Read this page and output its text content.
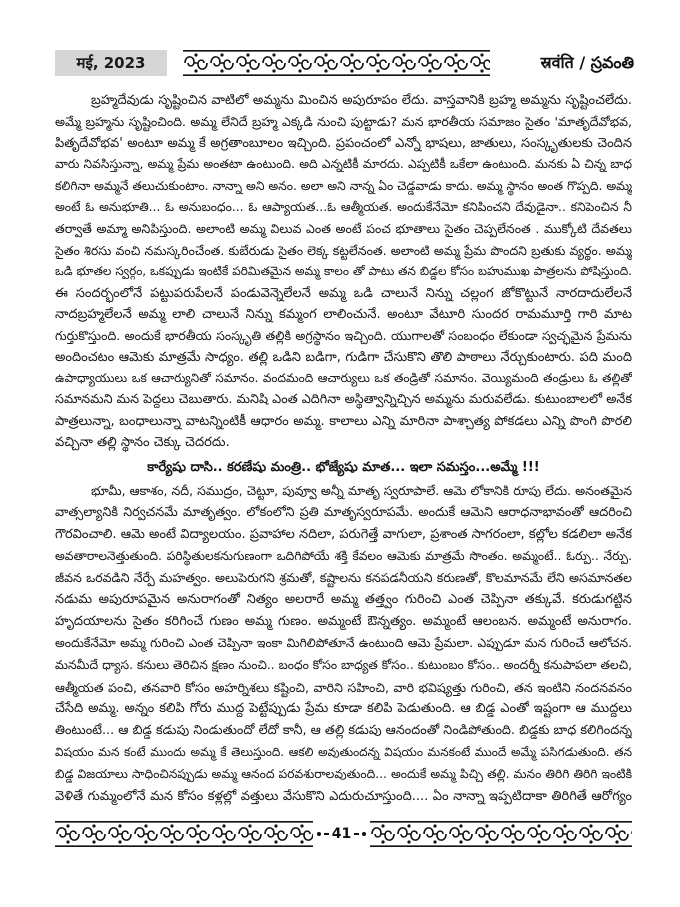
मई, 2023	स्रवंति / స్రవంతి
బ్రహ్మదేవుడు సృష్టించిన వాటిలో అమ్మను మించిన అపురూపం లేదు. వాస్తవానికి బ్రహ్మ అమ్మను సృష్టించలేదు.
అమ్మే బ్రహ్మను సృష్టించింది. అమ్మ లేనిదే బ్రహ్మ ఎక్కడి నుంచి పుట్టాడు? మన భారతీయ సమాజం సైతం 'మాతృదేవోభవ,
పితృదేవోభవ' అంటూ అమ్మ కే అగ్రతాంబూలం ఇచ్చింది. ప్రపంచంలో ఎన్నో భాషలు, జాతులు, సంస్కృతులకు చెందిన
వారు నివసిస్తున్నా, అమ్మ ప్రేమ అంతటా ఉంటుంది. అది ఎన్నటికీ మారదు. ఎప్పటికీ ఒకేలా ఉంటుంది. మనకు ఏ చిన్న బాధ
కలిగినా అమ్మనే తలుచుకుంటాం. నాన్నా అని అనం. అలా అని నాన్న ఏం చెడ్డవాడు కాదు. అమ్మ స్థానం అంత గొప్పది. అమ్మ
అంటే ఓ అనుభూతి... ఓ అనుబంధం... ఓ ఆప్యాయత...ఓ ఆత్మీయత. అందుకేనేమో కనిపించని దేవుడైనా.. కనిపెంచిన నీ
తర్వాతే అమ్మా అనిపిస్తుంది. అలాంటి అమ్మ విలువ ఎంత అంటే పంచ భూతాలు సైతం చెప్పలేనంత . ముక్కోటి దేవతలు
సైతం శిరసు వంచి నమస్కరించేంత. కుబేరుడు సైతం లెక్క కట్టలేనంత. అలాంటి అమ్మ ప్రేమ పొందని బ్రతుకు వ్యర్థం. అమ్మ
ఒడి భూతల స్వర్గం, ఒకప్పుడు ఇంటికే పరిమితమైన అమ్మ కాలం తో పాటు తన బిడ్డల కోసం బహుముఖ పాత్రలను పోషిస్తుంది.
ఈ సందర్భంలోనే పట్టుపరుపేలనే పండువెన్నెలేలనే అమ్మ ఒడి చాలునే నిన్ను చల్లంగ జోకొట్టునే నారదాదులేలనే
నాదబ్రహ్మలేలనే అమ్మ లాలి చాలునే నిన్ను కమ్మంగ లాలించునే. అంటూ వేటూరి సుందర రామమూర్తి గారి మాట
గుర్తుకొస్తుంది. అందుకే భారతీయ సంస్కృతి తల్లికి అగ్రస్థానం ఇచ్చింది. యుగాలతో సంబంధం లేకుండా స్వచ్ఛమైన ప్రేమను
అందించటం ఆమెకు మాత్రమే సాధ్యం. తల్లి ఒడిని బడిగా, గుడిగా చేసుకొని తొలి పాఠాలు నేర్చుకుంటారు. పది మంది
ఉపాధ్యాయులు ఒక ఆచార్యునితో సమానం. వందమంది ఆచార్యులు ఒక తండ్రితో సమానం. వెయ్యిమంది తండ్రులు ఓ తల్లితో
సమానమని మన పెద్దలు చెబుతారు. మనిషి ఎంత ఎదిగినా అస్థిత్వాన్నిచ్చిన అమ్మను మరువలేడు. కుటుంబాలలో అనేక
పాత్రలున్నా, బంధాలున్నా వాటన్నింటికీ ఆధారం అమ్మ. కాలాలు ఎన్ని మారినా పాశ్చాత్య పోకడలు ఎన్ని పొంగి పొరలి
వచ్చినా తల్లి స్థానం చెక్కు చెదరదు.
కార్యేషు దాసి.. కరణేషు మంత్రి.. భోజ్యేషు మాత... ఇలా సమస్తం...అమ్మే !!!
భూమీ, ఆకాశం, నదీ, సముద్రం, చెట్టూ, పువ్వూ అన్నీ మాతృ స్వరూపాలే. ఆమె లోకానికి రూపు లేదు. అనంతమైన
వాత్సల్యానికి నిర్వచనమే మాతృత్వం. లోకంలోని ప్రతి మాతృస్వరూపమే. అందుకే ఆమెని ఆరాధనాభావంతో ఆదరించి
గౌరవించాలి. ఆమె అంటే విద్యాలయం. ప్రవాహాల నదిలా, పరుగెత్తే వాగులా, ప్రశాంత సాగరంలా, కల్లోల కడలిలా అనేక
అవతారాలనెత్తుతుంది. పరిస్థితులకనుగుణంగా ఒదిగిపోయే శక్తి కేవలం ఆమెకు మాత్రమే సొంతం. అమ్మంటే.. ఓర్పు.. నేర్పు.
జీవన ఒరవడిని నేర్పే మహత్వం. అలుపెరుగని శ్రమతో, కష్టాలను కనపడనీయని కరుణతో, కొలమానమే లేని అసమానతల
నడుమ అపురూపమైన అనురాగంతో నిత్యం అలరారే అమ్మ తత్త్వం గురించి ఎంత చెప్పినా తక్కువే. కరుడుగట్టిన
హృదయాలను సైతం కరిగించే గుణం అమ్మ గుణం. అమ్మంటే ఔన్నత్యం. అమ్మంటే ఆలంబన. అమ్మంటే అనురాగం.
అందుకేనేమో అమ్మ గురించి ఎంత చెప్పినా ఇంకా మిగిలిపోతూనే ఉంటుంది ఆమె ప్రేమలా. ఎప్పుడూ మన గురించే ఆలోచన.
మనమీదే ధ్యాస. కనులు తెరిచిన క్షణం నుంచి.. బంధం కోసం బాధ్యత కోసం.. కుటుంబం కోసం.. అందర్నీ కనుపాపలా తలచి,
ఆత్మీయత పంచి, తనవారి కోసం అహర్నిశలు కష్టించి, వారిని సహించి, వారి భవిష్యత్తు గురించి, తన ఇంటిని నందనవనం
చేసేది అమ్మ. అన్నం కలిపి గోరు ముద్ద పెట్టేప్పుడు ప్రేమ కూడా కలిపి పెడుతుంది. ఆ బిడ్డ ఎంతో ఇష్టంగా ఆ ముద్దలు
తింటుంటే... ఆ బిడ్డ కడుపు నిండుతుందో లేదో కానీ, ఆ తల్లి కడుపు ఆనందంతో నిండిపోతుంది. బిడ్డకు బాధ కలిగిందన్న
విషయం మన కంటే ముందు అమ్మ కే తెలుస్తుంది. ఆకలి అవుతుందన్న విషయం మనకంటే ముందే అమ్మే పసిగడుతుంది. తన
బిడ్డ విజయాలు సాధించినప్పుడు అమ్మ ఆనంద పరవశురాలవుతుంది... అందుకే అమ్మ పిచ్చి తల్లి. మనం తిరిగి తిరిగి ఇంటికి
వెళితే గుమ్మంలోనే మన కోసం కళ్లల్లో వత్తులు వేసుకొని ఎదురుచూస్తుంది.... ఏం నాన్నా ఇప్పటిదాకా తిరిగితే ఆరోగ్యం
41
